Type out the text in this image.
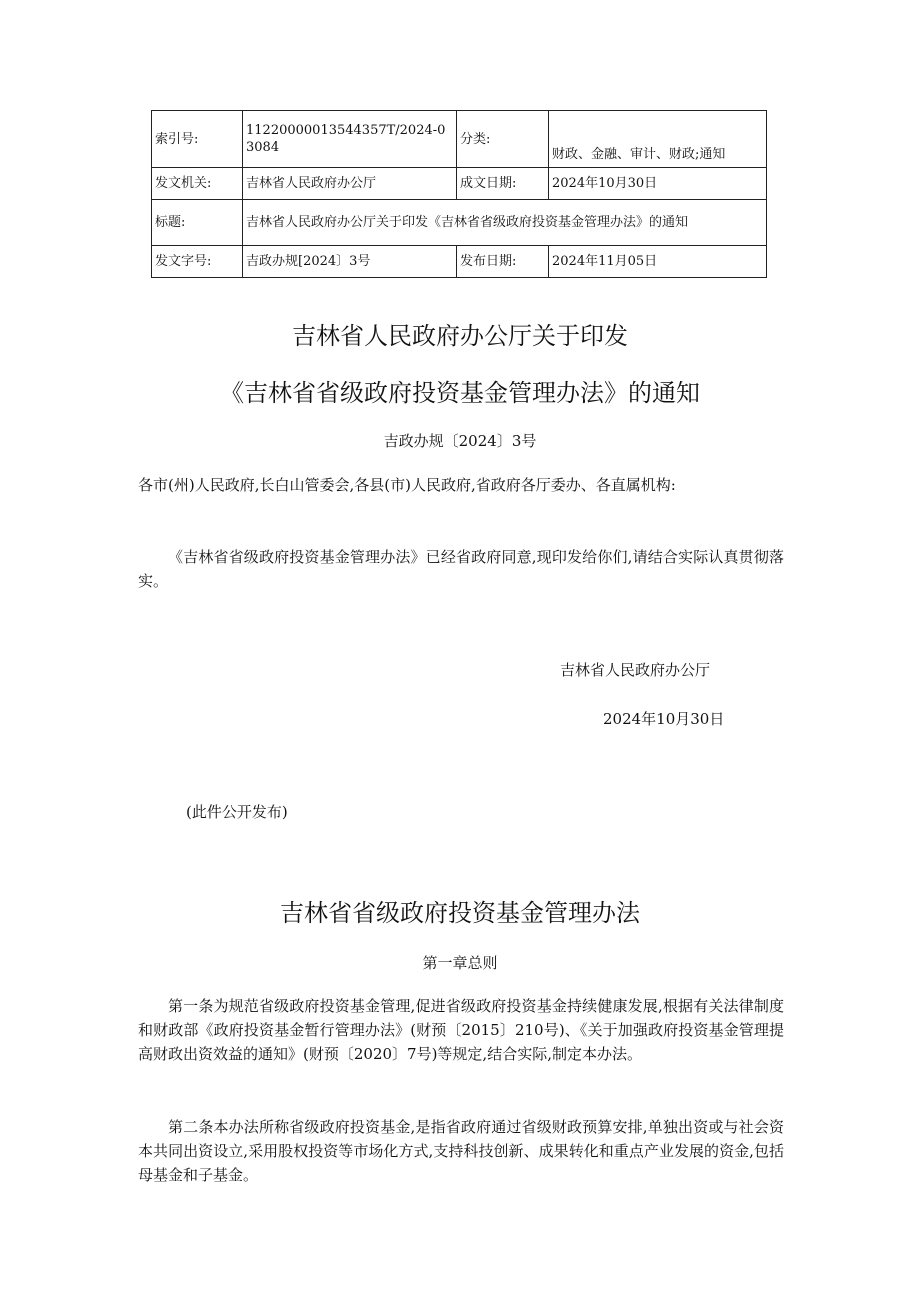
索引号:	11220000013544357T/2024-03084	分类:	财政、金融、审计、财政;通知
发文机关:	吉林省人民政府办公厅	成文日期:	2024年10月30日
标题:	吉林省人民政府办公厅关于印发《吉林省省级政府投资基金管理办法》的通知		
发文字号:	吉政办规[2024〕3号	发布日期:	2024年11月05日
吉林省人民政府办公厅关于印发
《吉林省省级政府投资基金管理办法》的通知
吉政办规〔2024〕3号
各市(州)人民政府,长白山管委会,各县(市)人民政府,省政府各厅委办、各直属机构:
《吉林省省级政府投资基金管理办法》已经省政府同意,现印发给你们,请结合实际认真贯彻落实。
吉林省人民政府办公厅
2024年10月30日
(此件公开发布)
吉林省省级政府投资基金管理办法
第一章总则
第一条为规范省级政府投资基金管理,促进省级政府投资基金持续健康发展,根据有关法律制度和财政部《政府投资基金暂行管理办法》(财预〔2015〕210号)、《关于加强政府投资基金管理提高财政出资效益的通知》(财预〔2020〕7号)等规定,结合实际,制定本办法。
第二条本办法所称省级政府投资基金,是指省政府通过省级财政预算安排,单独出资或与社会资本共同出资设立,采用股权投资等市场化方式,支持科技创新、成果转化和重点产业发展的资金,包括母基金和子基金。
